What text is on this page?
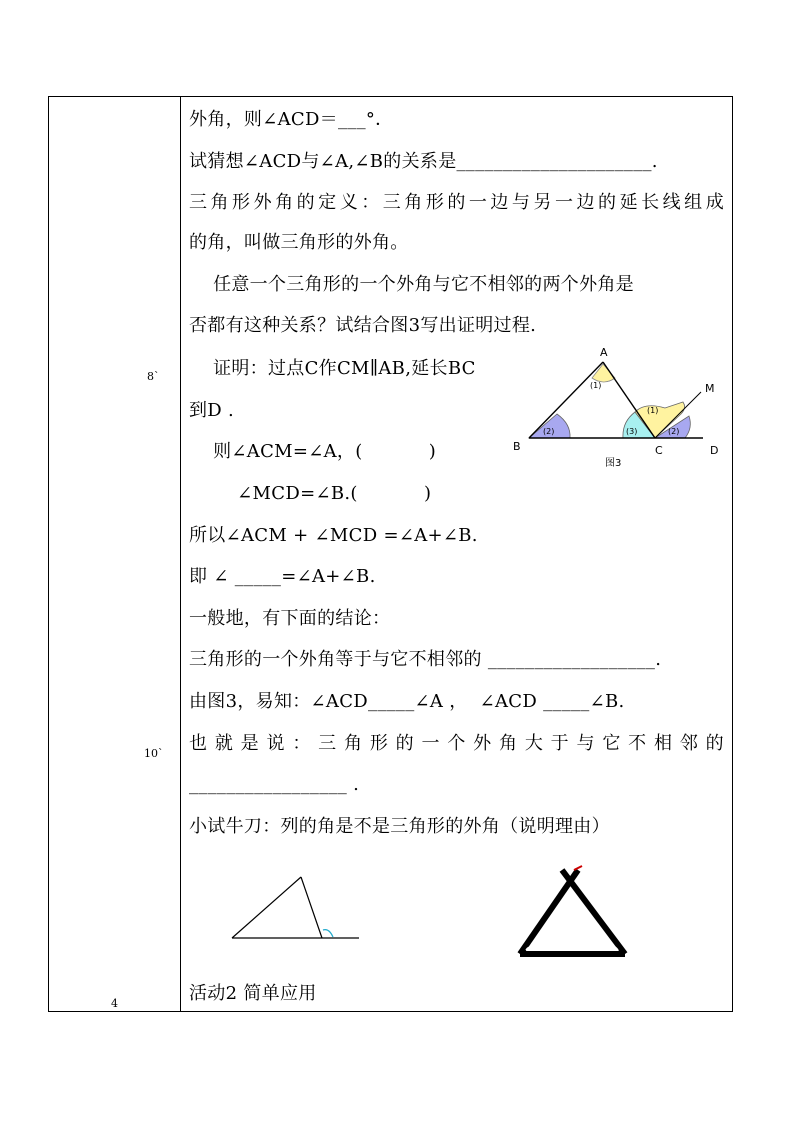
8`
10`
4
外角，则∠ACD＝___°．
试猜想∠ACD与∠A,∠B的关系是_____________________.
三角形外角的定义：三角形的一边与另一边的延长线组成
的角，叫做三角形的外角。
任意一个三角形的一个外角与它不相邻的两个外角是
否都有这种关系？试结合图3写出证明过程.
证明：过点C作CM∥AB,延长BC
到D .
则∠ACM=∠A，(           )
∠MCD=∠B.(           )
所以∠ACM + ∠MCD =∠A+∠B.
即 ∠ _____=∠A+∠B.
一般地，有下面的结论：
三角形的一个外角等于与它不相邻的 __________________.
由图3，易知：∠ACD_____∠A ，  ∠ACD _____∠B.
也就是说：三角形的一个外角大于与它不相邻的
_________________ .
小试牛刀：列的角是不是三角形的外角（说明理由）
活动2 简单应用
(1)
(2)	(3)
(1)
(2)
A
B	C	D
M
图3
